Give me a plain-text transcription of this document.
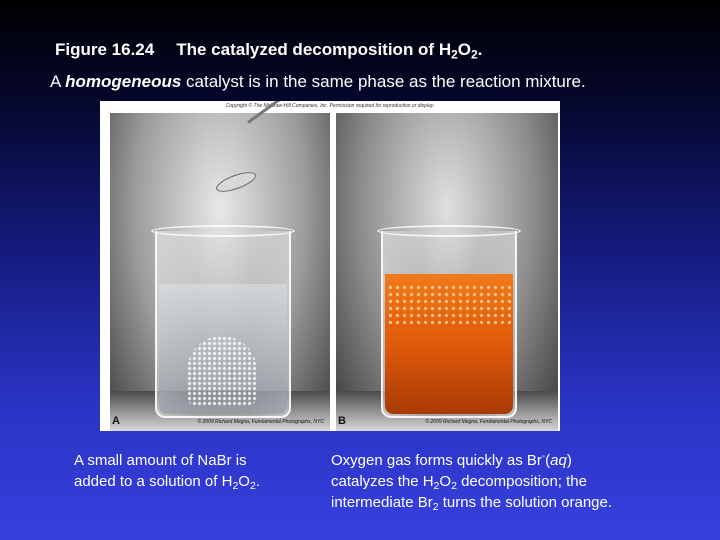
Figure 16.24 The catalyzed decomposition of $H_2O_2$.
A homogeneous catalyst is in the same phase as the reaction mixture.
Copyright © The McGraw-Hill Companies, Inc. Permission required for reproduction or display.
A	© 2009 Richard Megna, Fundamental Photographs, NYC B	© 2009 Richard Megna, Fundamental Photographs, NYC
A small amount of NaBr is
added to a solution of $H_2O_2$.
Oxygen gas forms quickly as Br-(aq)
catalyzes the $H_2O_2$ decomposition; the
intermediate $Br_2$ turns the solution orange.
